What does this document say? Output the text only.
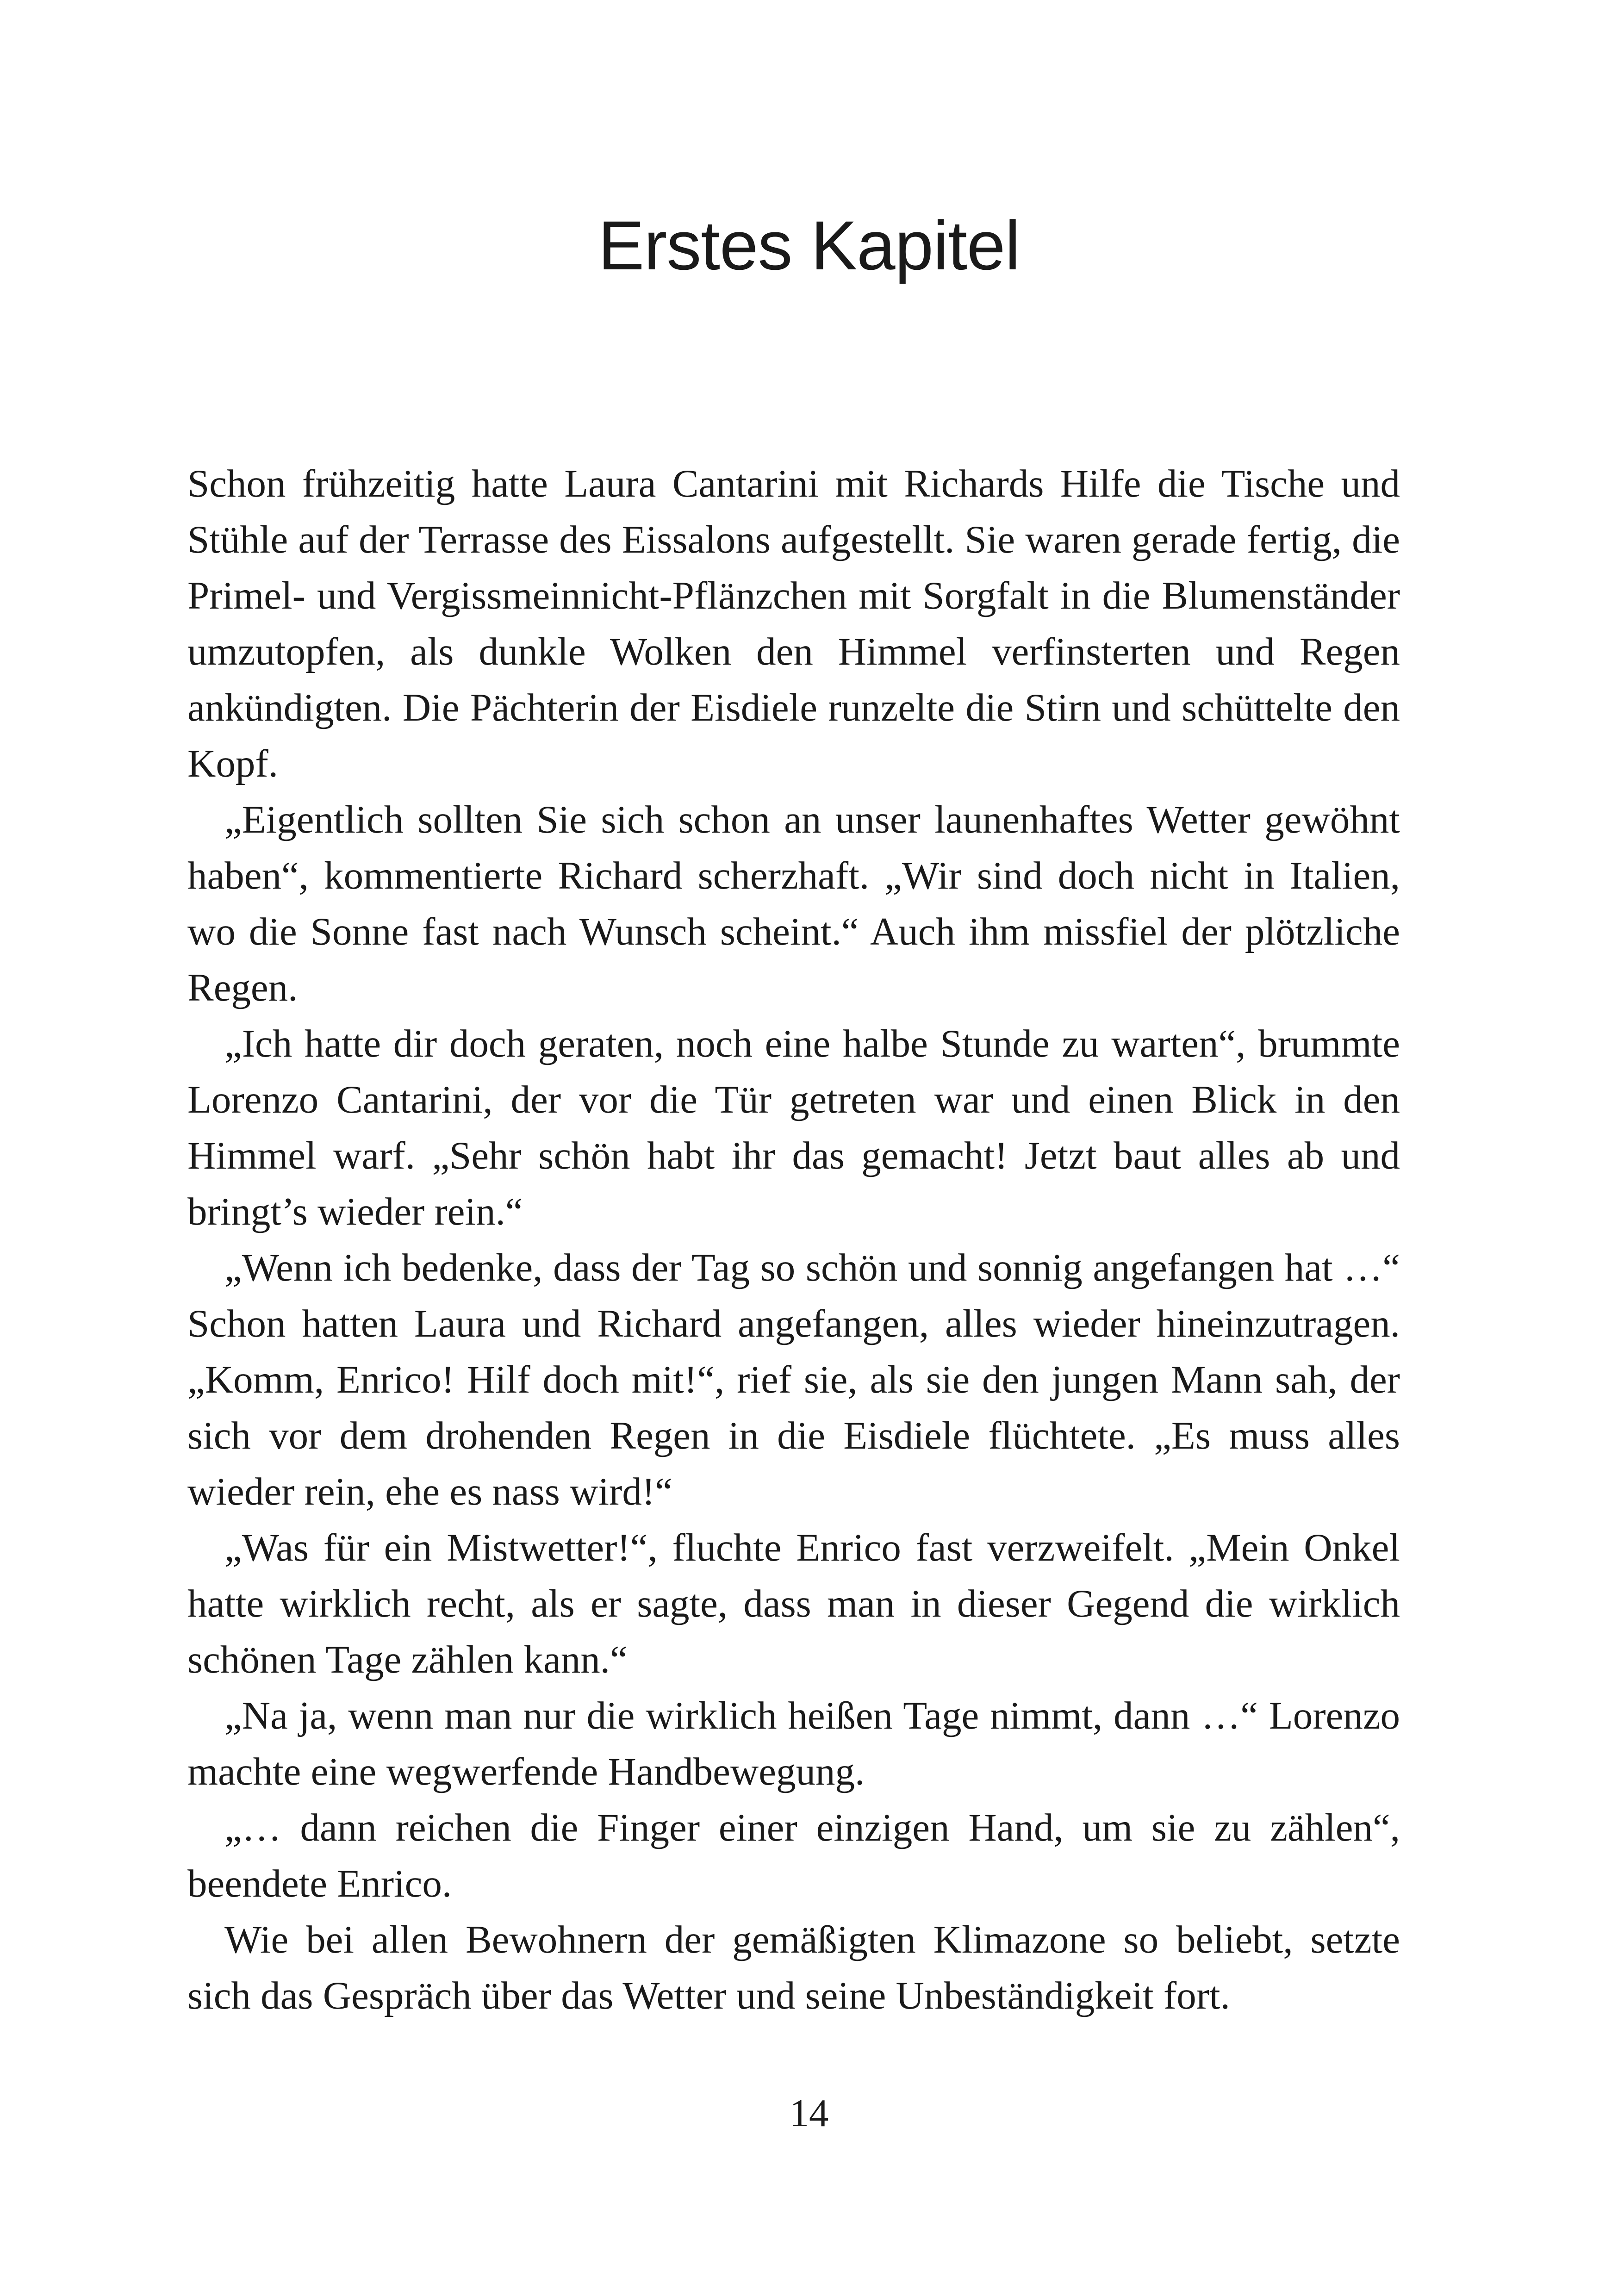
Erstes Kapitel

Schon frühzeitig hatte Laura Cantarini mit Richards Hilfe die Tische und Stühle auf der Terrasse des Eissalons aufgestellt. Sie waren gerade fertig, die Primel- und Vergissmeinnicht-Pflänzchen mit Sorgfalt in die Blumenständer umzutopfen, als dunkle Wolken den Himmel verfinsterten und Regen ankündigten. Die Pächterin der Eisdiele runzelte die Stirn und schüttelte den Kopf.

„Eigentlich sollten Sie sich schon an unser launenhaftes Wetter gewöhnt haben“, kommentierte Richard scherzhaft. „Wir sind doch nicht in Italien, wo die Sonne fast nach Wunsch scheint.“ Auch ihm missfiel der plötzliche Regen.

„Ich hatte dir doch geraten, noch eine halbe Stunde zu warten“, brummte Lorenzo Cantarini, der vor die Tür getreten war und einen Blick in den Himmel warf. „Sehr schön habt ihr das gemacht! Jetzt baut alles ab und bringt’s wieder rein.“

„Wenn ich bedenke, dass der Tag so schön und sonnig angefangen hat …“ Schon hatten Laura und Richard angefangen, alles wieder hineinzutragen. „Komm, Enrico! Hilf doch mit!“, rief sie, als sie den jungen Mann sah, der sich vor dem drohenden Regen in die Eisdiele flüchtete. „Es muss alles wieder rein, ehe es nass wird!“

„Was für ein Mistwetter!“, fluchte Enrico fast verzweifelt. „Mein Onkel hatte wirklich recht, als er sagte, dass man in dieser Gegend die wirklich schönen Tage zählen kann.“

„Na ja, wenn man nur die wirklich heißen Tage nimmt, dann …“ Lorenzo machte eine wegwerfende Handbewegung.

„… dann reichen die Finger einer einzigen Hand, um sie zu zählen“, beendete Enrico.

Wie bei allen Bewohnern der gemäßigten Klimazone so beliebt, setzte sich das Gespräch über das Wetter und seine Unbeständigkeit fort.

14
